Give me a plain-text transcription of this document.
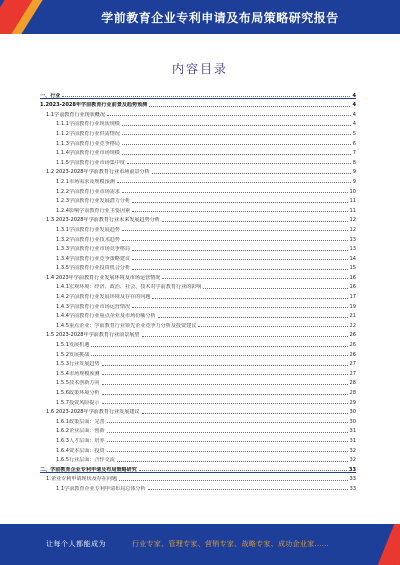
学前教育企业专利申请及布局策略研究报告
内容目录
一、行业	4
1.2023-2028年学前教育行业前景及趋势预测	4
1.1学前教育行业现状概况	4
1.1.1学前教育行业现状规模	4
1.1.2学前教育行业供需情况	5
1.1.3学前教育行业竞争格局	6
1.1.4学前教育行业市场规模	7
1.1.5学前教育行业市场集中度	8
1.2 2023-2028年学前教育行业市场前景分析	9
1.2.1市场需求及规模预测	9
1.2.2学前教育行业市场需求	10
1.2.3学前教育行业发展潜力分析	11
1.2.4影响学前教育行业主要因素	11
1.3 2023-2028年学前教育行业未来发展趋势分析	12
1.3.1学前教育行业发展趋势	12
1.3.2学前教育行业技术趋势	13
1.3.3学前教育行业市场竞争格局	13
1.3.4学前教育行业竞争策略建议	14
1.3.5学前教育行业投资机会分析	15
1.4 2023年学前教育行业发展环境及市场运营情况	16
1.4.1宏观环境：经济、政治、社会、技术对学前教育行业的影响	16
1.4.2学前教育行业发展环境及存在的问题	17
1.4.3学前教育行业市场运营情况	19
1.4.4学前教育行业重点企业及市场份额分析	21
1.4.5重点企业：学前教育行业领先企业竞争力分析及投资建议	22
1.5 2023-2028年学前教育行业前景展望	26
1.5.1发展机遇	26
1.5.2发展挑战	26
1.5.3行业发展趋势	27
1.5.4市场规模预测	27
1.5.5技术创新方向	28
1.5.6政策环境分析	28
1.5.7投资风险提示	29
1.6 2023-2028年学前教育行业发展建议	30
1.6.1政策层面：完善	30
1.6.2企业层面：创新	31
1.6.3人才层面：培养	31
1.6.4资本层面：投资	32
1.6.5行业层面：合作交流	32
二、学前教育企业专利申请及布局策略研究	33
1.企业专利申请现状及存在问题	33
1.1学前教育企业专利申请布局总体分析	33
让每个人都能成为	行业专家、管理专家、营销专家、战略专家、成功企业家……
